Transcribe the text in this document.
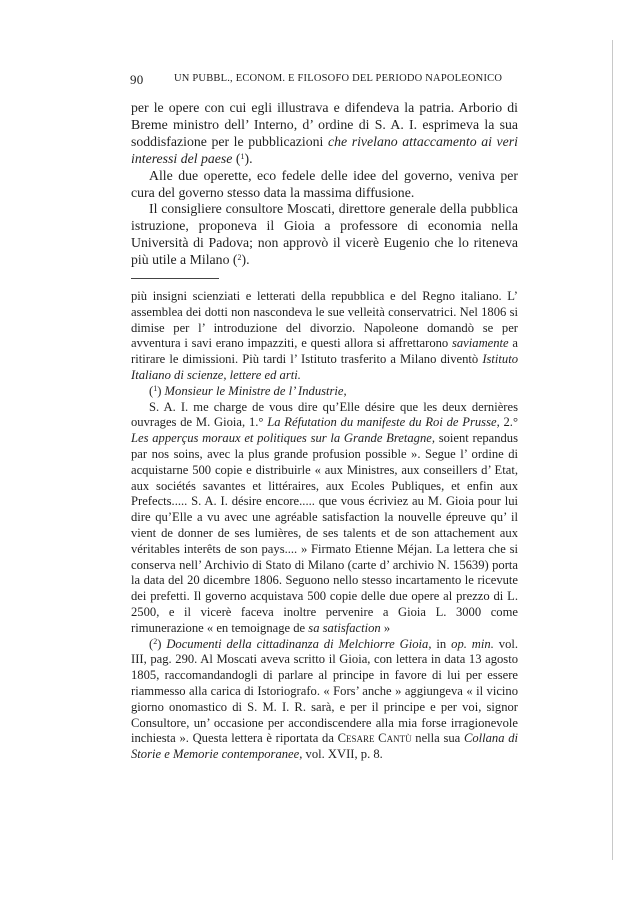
90	UN PUBBL., ECONOM. E FILOSOFO DEL PERIODO NAPOLEONICO

per le opere con cui egli illustrava e difendeva la patria. Arborio di Breme ministro dell’ Interno, d’ ordine di S. A. I. esprimeva la sua soddisfazione per le pubblicazioni che rivelano attaccamento ai veri interessi del paese ($^1$).

Alle due operette, eco fedele delle idee del governo, veniva per cura del governo stesso data la massima diffusione.

Il consigliere consultore Moscati, direttore generale della pubblica istruzione, proponeva il Gioia a professore di economia nella Università di Padova; non approvò il vicerè Eugenio che lo riteneva più utile a Milano ($^2$).

più insigni scienziati e letterati della repubblica e del Regno italiano. L’ assemblea dei dotti non nascondeva le sue velleità conservatrici. Nel 1806 si dimise per l’ introduzione del divorzio. Napoleone domandò se per avventura i savi erano impazziti, e questi allora si affrettarono saviamente a ritirare le dimissioni. Più tardi l’ Istituto trasferito a Milano diventò Istituto Italiano di scienze, lettere ed arti.

($^1$) Monsieur le Ministre de l’ Industrie,

S. A. I. me charge de vous dire qu’Elle désire que les deux dernières ouvrages de M. Gioia, 1.° La Réfutation du manifeste du Roi de Prusse, 2.° Les apperçus moraux et politiques sur la Grande Bretagne, soient repandus par nos soins, avec la plus grande profusion possible ». Segue l’ ordine di acquistarne 500 copie e distribuirle « aux Ministres, aux conseillers d’ Etat, aux sociétés savantes et littéraires, aux Ecoles Publiques, et enfin aux Prefects..... S. A. I. désire encore..... que vous écriviez au M. Gioia pour lui dire qu’Elle a vu avec une agréable satisfaction la nouvelle épreuve qu’ il vient de donner de ses lumières, de ses talents et de son attachement aux véritables interêts de son pays.... » Firmato Etienne Méjan. La lettera che si conserva nell’ Archivio di Stato di Milano (carte d’ archivio N. 15639) porta la data del 20 dicembre 1806. Seguono nello stesso incartamento le ricevute dei prefetti. Il governo acquistava 500 copie delle due opere al prezzo di L. 2500, e il vicerè faceva inoltre pervenire a Gioia L. 3000 come rimunerazione « en temoignage de sa satisfaction »

($^2$) Documenti della cittadinanza di Melchiorre Gioia, in op. min. vol. III, pag. 290. Al Moscati aveva scritto il Gioia, con lettera in data 13 agosto 1805, raccomandandogli di parlare al principe in favore di lui per essere riammesso alla carica di Istoriografo. « Fors’ anche » aggiungeva « il vicino giorno onomastico di S. M. I. R. sarà, e per il principe e per voi, signor Consultore, un’ occasione per accondiscendere alla mia forse irragionevole inchiesta ». Questa lettera è riportata da Cesare Cantù nella sua Collana di Storie e Memorie contemporanee, vol. XVII, p. 8.
